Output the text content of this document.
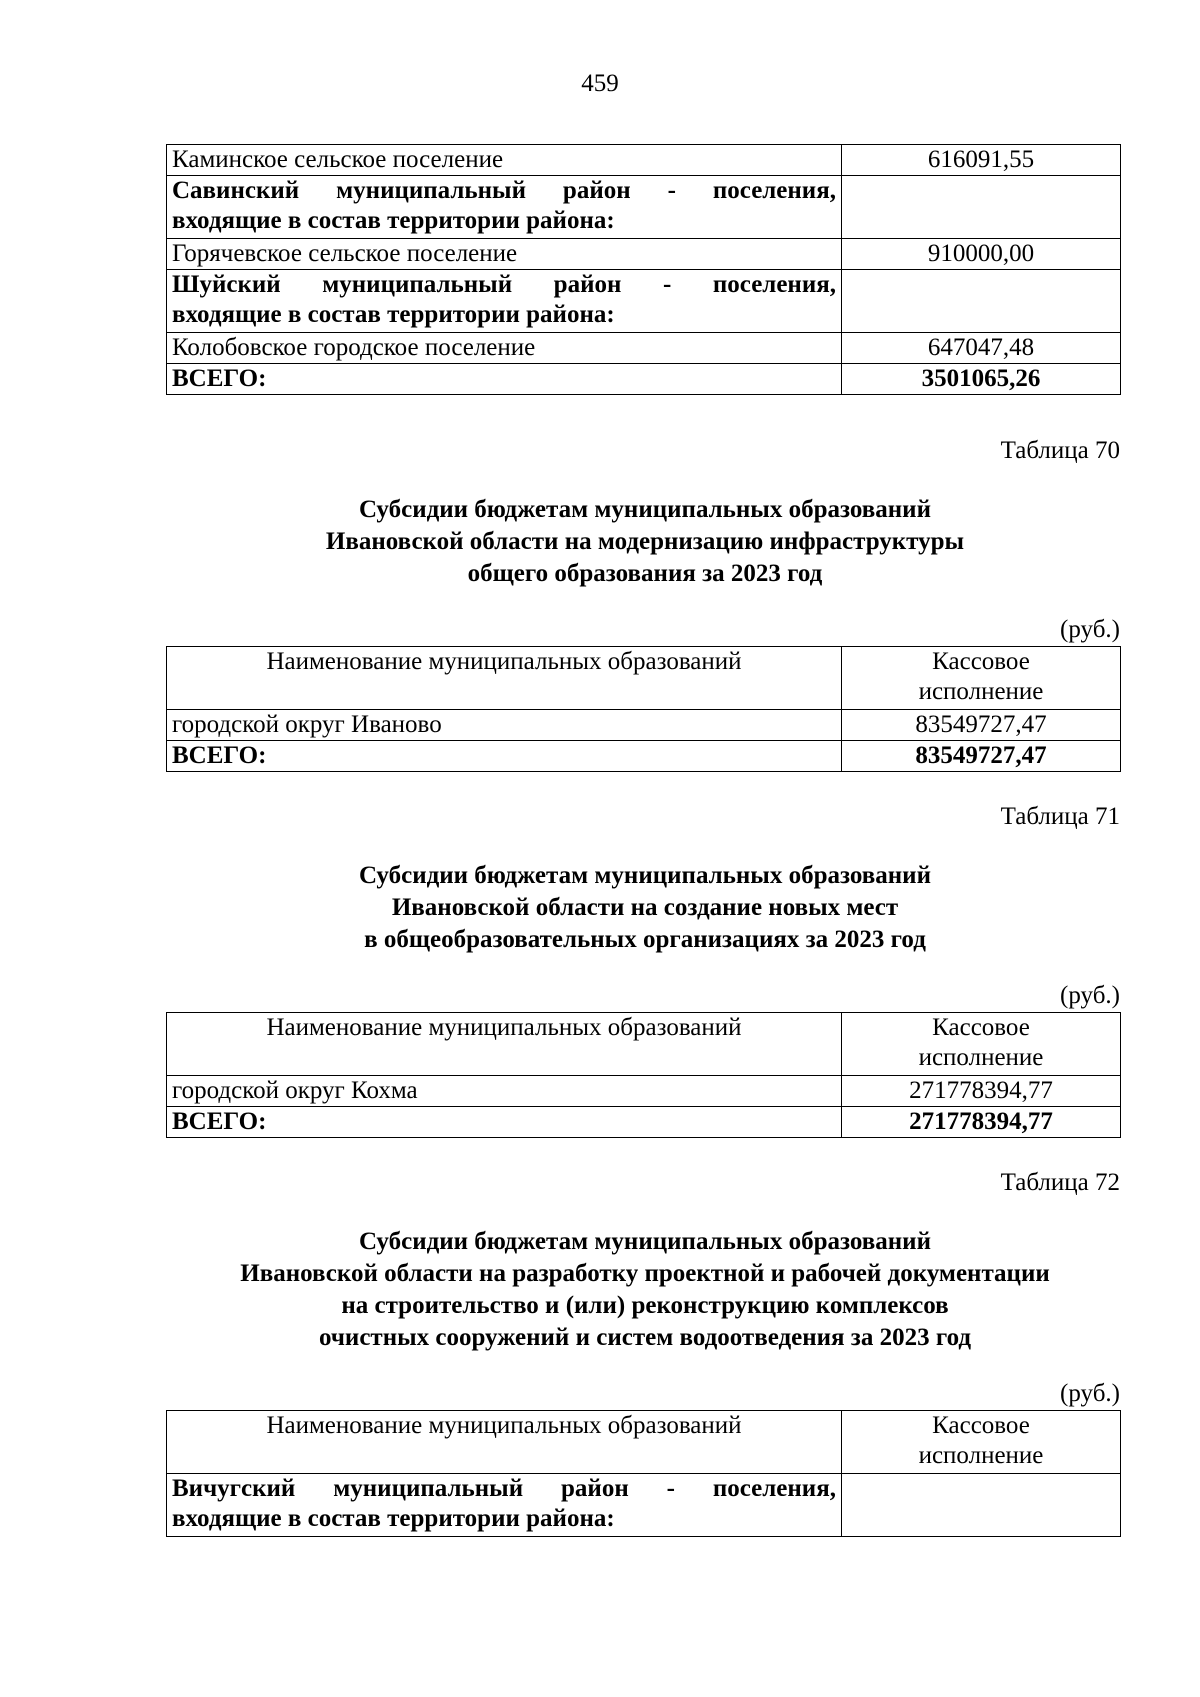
459
Каминское сельское поселение	616091,55

Савинский муниципальный район - поселения,
входящие в состав территории района:	

Горячевское сельское поселение	910000,00

Шуйский муниципальный район - поселения,
входящие в состав территории района:	

Колобовское городское поселение	647047,48
ВСЕГО:	3501065,26
Таблица 70
Субсидии бюджетам муниципальных образований
Ивановской области на модернизацию инфраструктуры
общего образования за 2023 год
(руб.)
Наименование муниципальных образований	Кассовое
исполнение

городской округ Иваново	83549727,47
ВСЕГО:	83549727,47
Таблица 71
Субсидии бюджетам муниципальных образований
Ивановской области на создание новых мест
в общеобразовательных организациях за 2023 год
(руб.)
Наименование муниципальных образований	Кассовое
исполнение

городской округ Кохма	271778394,77
ВСЕГО:	271778394,77
Таблица 72
Субсидии бюджетам муниципальных образований
Ивановской области на разработку проектной и рабочей документации
на строительство и (или) реконструкцию комплексов
очистных сооружений и систем водоотведения за 2023 год
(руб.)
Наименование муниципальных образований	Кассовое
исполнение

Вичугский муниципальный район - поселения,
входящие в состав территории района:	
